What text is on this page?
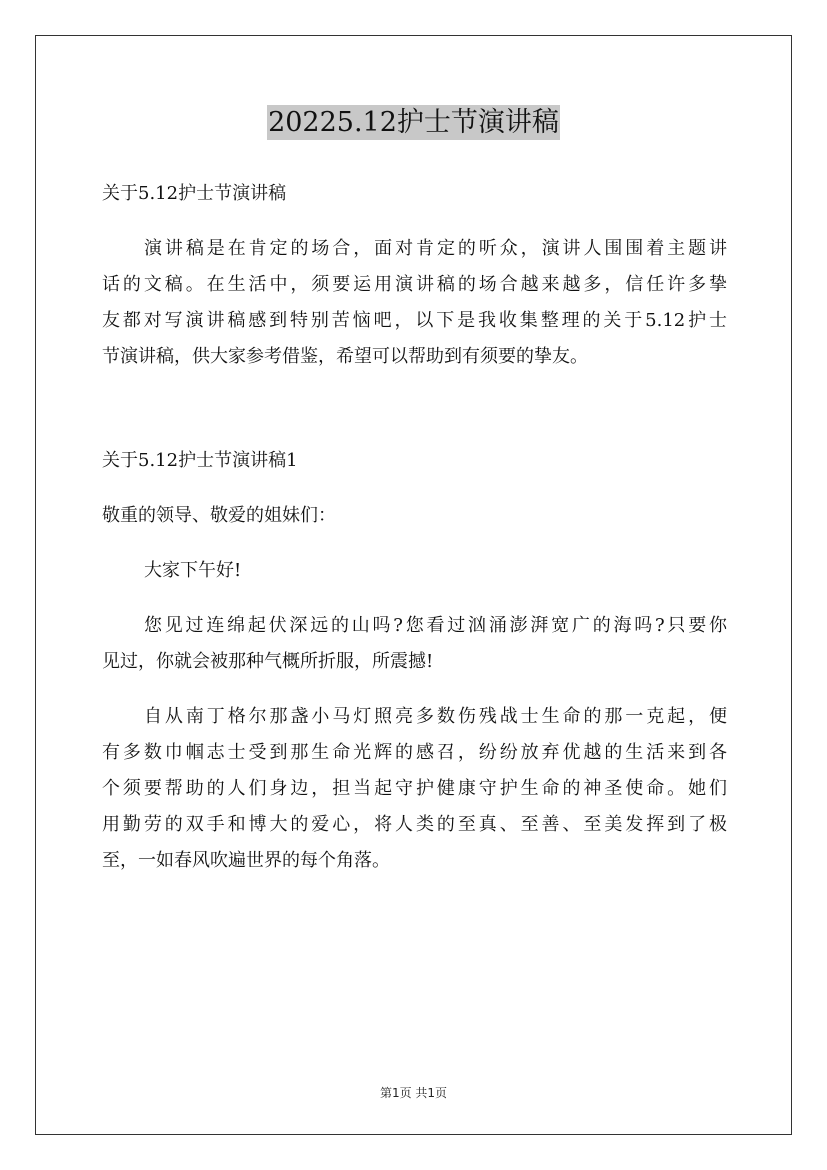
20225.12护士节演讲稿
关于5.12护士节演讲稿
演讲稿是在肯定的场合，面对肯定的听众，演讲人围围着主题讲
话的文稿。在生活中，须要运用演讲稿的场合越来越多，信任许多挚
友都对写演讲稿感到特别苦恼吧，以下是我收集整理的关于5.12护士
节演讲稿，供大家参考借鉴，希望可以帮助到有须要的挚友。
关于5.12护士节演讲稿1
敬重的领导、敬爱的姐妹们：
大家下午好!
您见过连绵起伏深远的山吗?您看过汹涌澎湃宽广的海吗?只要你
见过，你就会被那种气概所折服，所震撼!
自从南丁格尔那盏小马灯照亮多数伤残战士生命的那一克起，便
有多数巾帼志士受到那生命光辉的感召，纷纷放弃优越的生活来到各
个须要帮助的人们身边，担当起守护健康守护生命的神圣使命。她们
用勤劳的双手和博大的爱心，将人类的至真、至善、至美发挥到了极
至，一如春风吹遍世界的每个角落。
第1页 共1页
